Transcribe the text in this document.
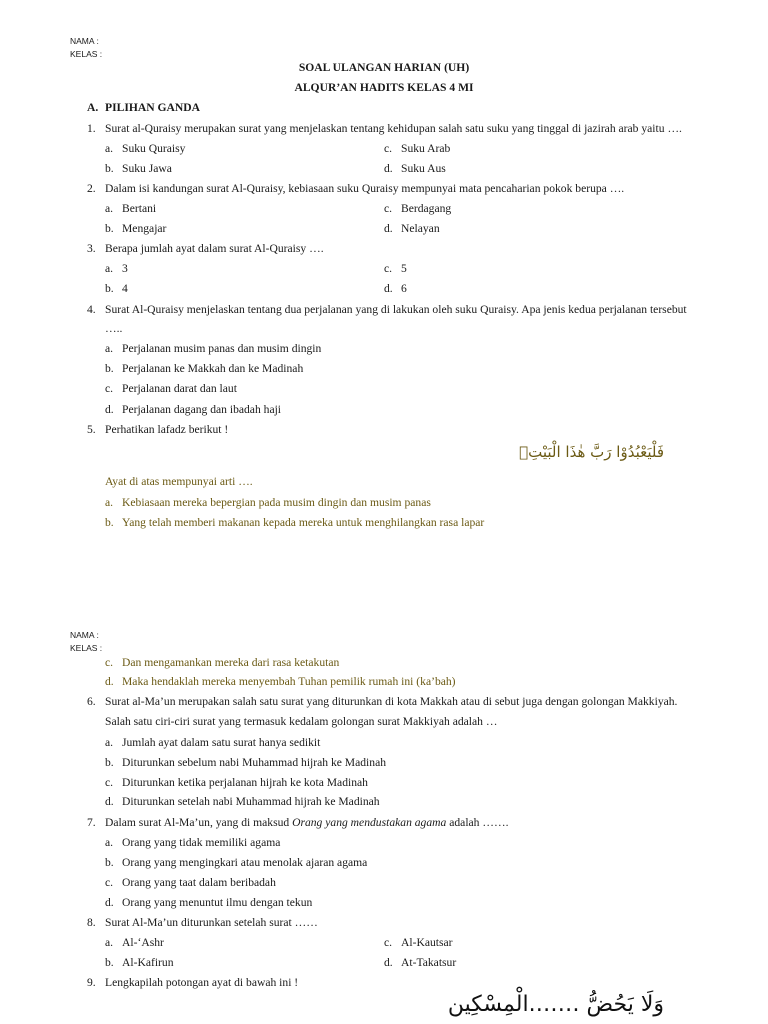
NAMA :
KELAS :
SOAL ULANGAN HARIAN (UH)
ALQUR’AN HADITS KELAS 4 MI
A. PILIHAN GANDA
1. Surat al-Quraisy merupakan surat yang menjelaskan tentang kehidupan salah satu suku yang tinggal di jazirah arab yaitu ….
a. Suku Quraisy
b. Suku Jawa
c. Suku Arab
d. Suku Aus
2. Dalam isi kandungan surat Al-Quraisy, kebiasaan suku Quraisy mempunyai mata pencaharian pokok berupa ….
a. Bertani
b. Mengajar
c. Berdagang
d. Nelayan
3. Berapa jumlah ayat dalam surat Al-Quraisy ….
a. 3
b. 4
c. 5
d. 6
4. Surat Al-Quraisy menjelaskan tentang dua perjalanan yang di lakukan oleh suku Quraisy. Apa jenis kedua perjalanan tersebut
…..
a. Perjalanan musim panas dan musim dingin
b. Perjalanan ke Makkah dan ke Madinah
c. Perjalanan darat dan laut
d. Perjalanan dagang dan ibadah haji
5. Perhatikan lafadz berikut !
فَلْيَعْبُدُوْا رَبَّ هٰذَا الْبَيْتِۙ
Ayat di atas mempunyai arti ….
a. Kebiasaan mereka bepergian pada musim dingin dan musim panas
b. Yang telah memberi makanan kepada mereka untuk menghilangkan rasa lapar
NAMA :
KELAS :
c. Dan mengamankan mereka dari rasa ketakutan
d. Maka hendaklah mereka menyembah Tuhan pemilik rumah ini (ka’bah)
6. Surat al-Ma’un merupakan salah satu surat yang diturunkan di kota Makkah atau di sebut juga dengan golongan Makkiyah.
Salah satu ciri-ciri surat yang termasuk kedalam golongan surat Makkiyah adalah …
a. Jumlah ayat dalam satu surat hanya sedikit
b. Diturunkan sebelum nabi Muhammad hijrah ke Madinah
c. Diturunkan ketika perjalanan hijrah ke kota Madinah
d. Diturunkan setelah nabi Muhammad hijrah ke Madinah
7. Dalam surat Al-Ma’un, yang di maksud Orang yang mendustakan agama adalah …….
a. Orang yang tidak memiliki agama
b. Orang yang mengingkari atau menolak ajaran agama
c. Orang yang taat dalam beribadah
d. Orang yang menuntut ilmu dengan tekun
8. Surat Al-Ma’un diturunkan setelah surat ……
a. Al-‘Ashr
b. Al-Kafirun
c. Al-Kautsar
d. At-Takatsur
9. Lengkapilah potongan ayat di bawah ini !
وَلَا يَحُضُّ …….الْمِسْكِين
